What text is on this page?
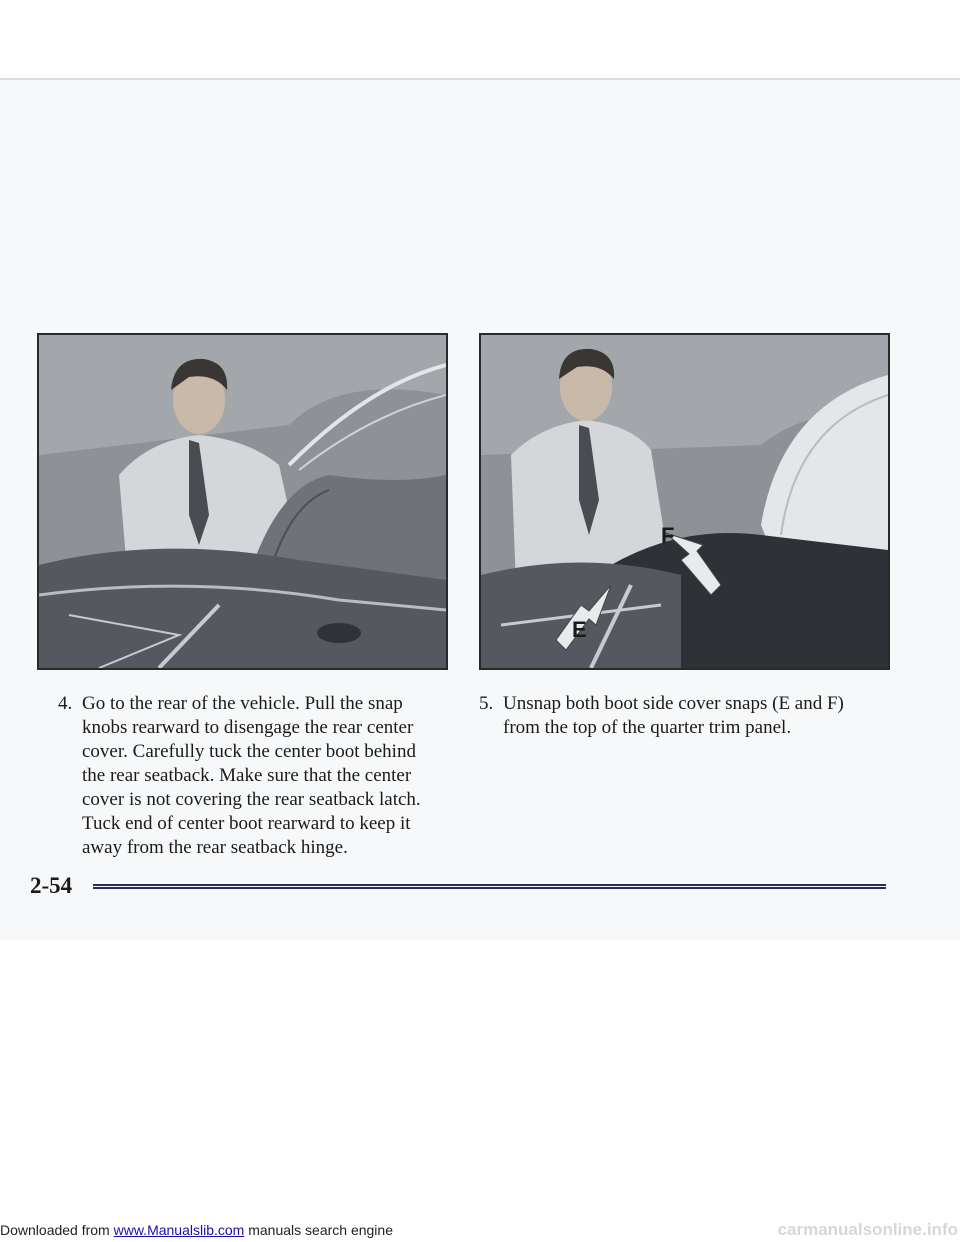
E
F
4. Go to the rear of the vehicle. Pull the snap knobs rearward to disengage the rear center cover. Carefully tuck the center boot behind the rear seatback. Make sure that the center cover is not covering the rear seatback latch. Tuck end of center boot rearward to keep it away from the rear seatback hinge.
5. Unsnap both boot side cover snaps (E and F) from the top of the quarter trim panel.
2-54
Downloaded from www.Manualslib.com manuals search engine	carmanualsonline.info
